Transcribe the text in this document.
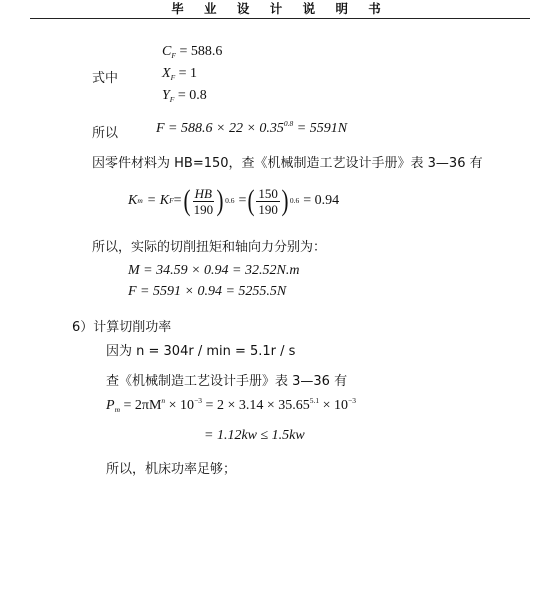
毕 业 设 计 说 明 书
$C_F = 588.6$
式中	$X_F = 1$
$Y_F = 0.8$
所以	$F = 588.6 \times 22 \times 0.35^{0.8} = 5591N$
因零件材料为 HB=150，查《机械制造工艺设计手册》表 3—36 有
K m = K F = ( $\frac{HB}{190}$ ) 0.6 = ( $\frac{150}{190}$ ) 0.6 = 0.94
所以，实际的切削扭矩和轴向力分别为：
M = 34.59 × 0.94 = 32.52N.m
F = 5591 × 0.94 = 5255.5N
6）计算切削功率
因为 n = 304r / min = 5.1r / s
查《机械制造工艺设计手册》表 3—36 有
$P_m = 2\pi M^n \times 10^{-3} = 2 \times 3.14 \times 35.65^{5.1} \times 10^{-3}$
= 1.12kw ≤ 1.5kw
所以，机床功率足够；
